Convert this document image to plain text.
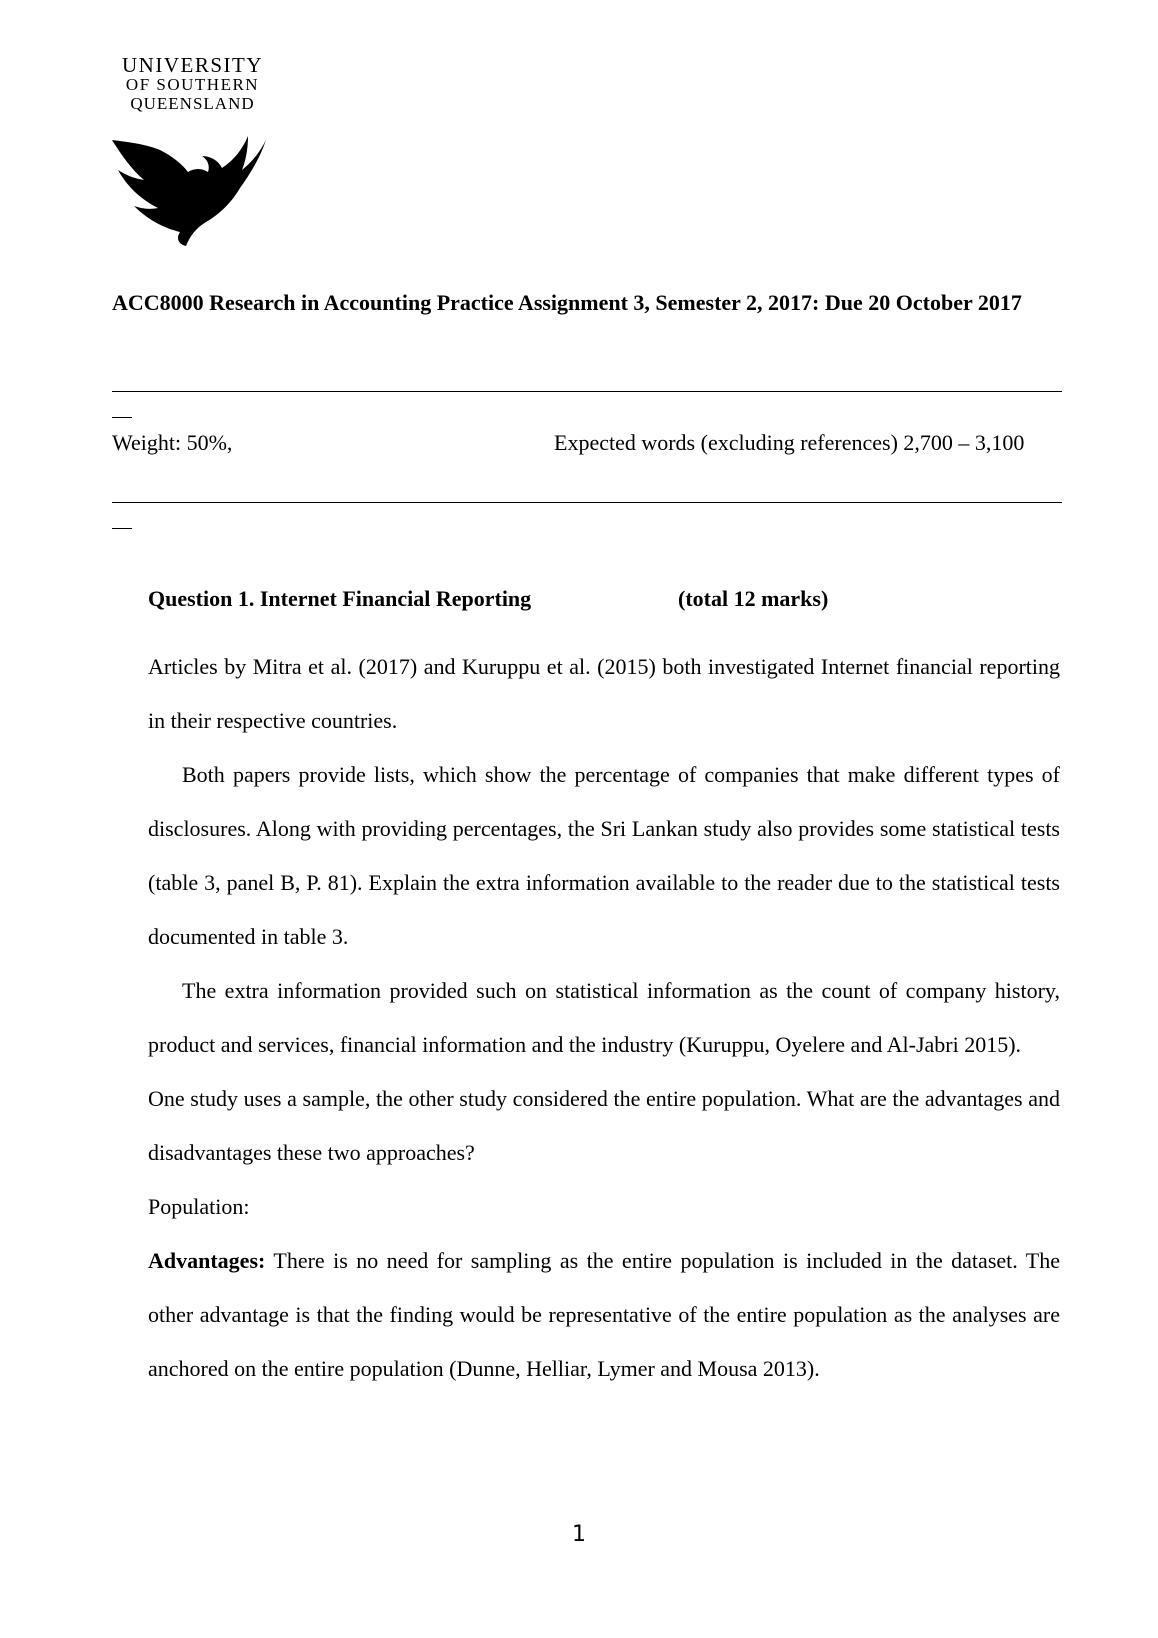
UNIVERSITY
OF SOUTHERN
QUEENSLAND
ACC8000 Research in Accounting Practice Assignment 3, Semester 2, 2017: Due 20 October 2017
Weight: 50%,	Expected words (excluding references) 2,700 – 3,100
Question 1. Internet Financial Reporting	(total 12 marks)

Articles by Mitra et al. (2017) and Kuruppu et al. (2015) both investigated Internet financial reporting in their respective countries.

Both papers provide lists, which show the percentage of companies that make different types of disclosures. Along with providing percentages, the Sri Lankan study also provides some statistical tests (table 3, panel B, P. 81). Explain the extra information available to the reader due to the statistical tests documented in table 3.

The extra information provided such on statistical information as the count of company history, product and services, financial information and the industry (Kuruppu, Oyelere and Al-Jabri 2015).

One study uses a sample, the other study considered the entire population. What are the advantages and disadvantages these two approaches?

Population:

Advantages: There is no need for sampling as the entire population is included in the dataset. The other advantage is that the finding would be representative of the entire population as the analyses are anchored on the entire population (Dunne, Helliar, Lymer and Mousa 2013).

1
